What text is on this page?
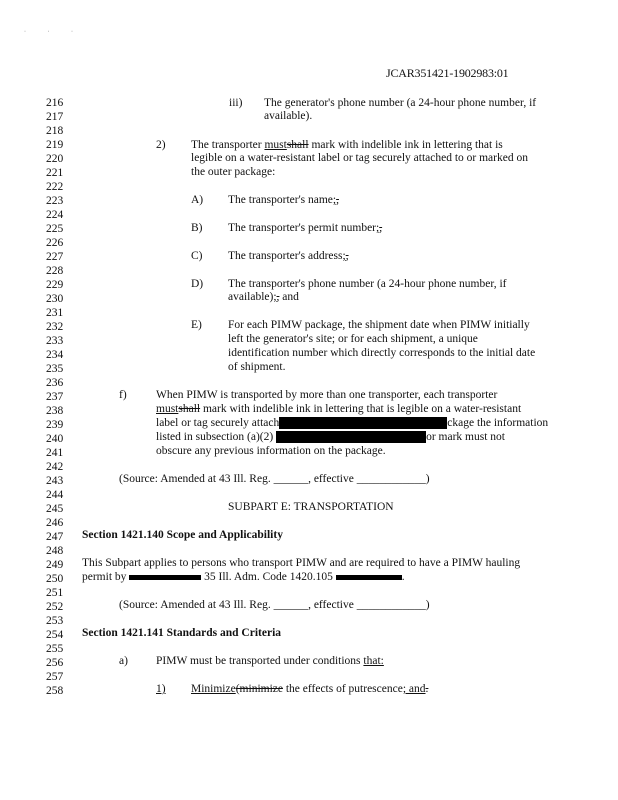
· · ·
JCAR351421-1902983:01
216
217
218
219
220
221
222
223
224
225
226
227
228
229
230
231
232
233
234
235
236
237
238
239
240
241
242
243
244
245
246
247
248
249
250
251
252
253
254
255
256
257
258
iii) The generator's phone number (a 24-hour phone number, if
available).
2) The transporter mustshall mark with indelible ink in lettering that is
legible on a water-resistant label or tag securely attached to or marked on
the outer package:
A) The transporter's name;,
B) The transporter's permit number;,
C) The transporter's address;,
D) The transporter's phone number (a 24-hour phone number, if
available);, and
E) For each PIMW package, the shipment date when PIMW initially
left the generator's site; or for each shipment, a unique
identification number which directly corresponds to the initial date
of shipment.
f)	When PIMW is transported by more than one transporter, each transporter
mustshall mark with indelible ink in lettering that is legible on a water-resistant
label or tag securely attach	ckage the information
listed in subsection (a)(2)	or mark must not
obscure any previous information on the package.
(Source: Amended at 43 Ill. Reg. ______, effective ____________)
SUBPART E: TRANSPORTATION
Section 1421.140 Scope and Applicability
This Subpart applies to persons who transport PIMW and are required to have a PIMW hauling
permit by	35 Ill. Adm. Code 1420.105	.
(Source: Amended at 43 Ill. Reg. ______, effective ____________)
Section 1421.141 Standards and Criteria
a) PIMW must be transported under conditions that:
1) Minimize(minimize the effects of putrescence; and.
